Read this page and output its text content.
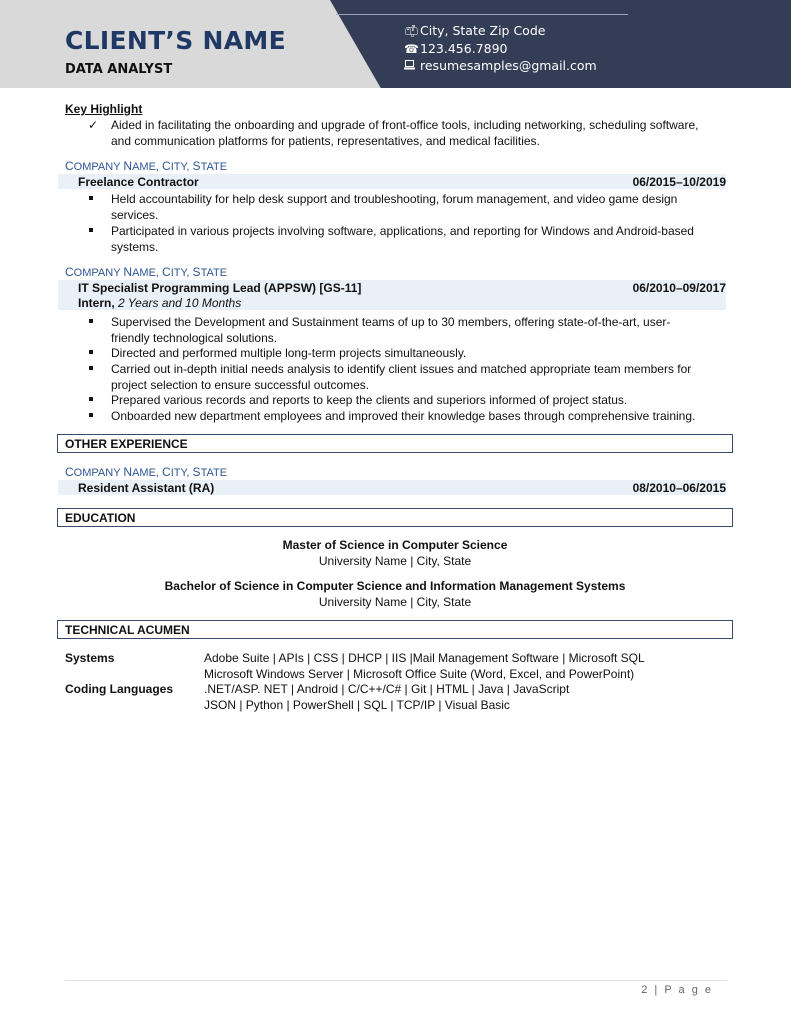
CLIENT’S NAME
DATA ANALYST
📫︎City, State Zip Code
☎123.456.7890
resumesamples@gmail.com
Key Highlight
✓ Aided in facilitating the onboarding and upgrade of front-office tools, including networking, scheduling software,
and communication platforms for patients, representatives, and medical facilities.
COMPANY NAME, CITY, STATE
Freelance Contractor	06/2015–10/2019
Held accountability for help desk support and troubleshooting, forum management, and video game design
services.
Participated in various projects involving software, applications, and reporting for Windows and Android-based
systems.
COMPANY NAME, CITY, STATE
IT Specialist Programming Lead (APPSW) [GS-11]	06/2010–09/2017
Intern, 2 Years and 10 Months
Supervised the Development and Sustainment teams of up to 30 members, offering state-of-the-art, user-
friendly technological solutions.
Directed and performed multiple long-term projects simultaneously.
Carried out in-depth initial needs analysis to identify client issues and matched appropriate team members for
project selection to ensure successful outcomes.
Prepared various records and reports to keep the clients and superiors informed of project status.
Onboarded new department employees and improved their knowledge bases through comprehensive training.
OTHER EXPERIENCE
COMPANY NAME, CITY, STATE
Resident Assistant (RA)	08/2010–06/2015
EDUCATION
Master of Science in Computer Science
University Name | City, State
Bachelor of Science in Computer Science and Information Management Systems
University Name | City, State
TECHNICAL ACUMEN
Systems	Adobe Suite | APIs | CSS | DHCP | IIS |Mail Management Software | Microsoft SQL
Microsoft Windows Server | Microsoft Office Suite (Word, Excel, and PowerPoint)
Coding Languages	.NET/ASP. NET | Android | C/C++/C# | Git | HTML | Java | JavaScript
JSON | Python | PowerShell | SQL | TCP/IP | Visual Basic
2 | P a g e
